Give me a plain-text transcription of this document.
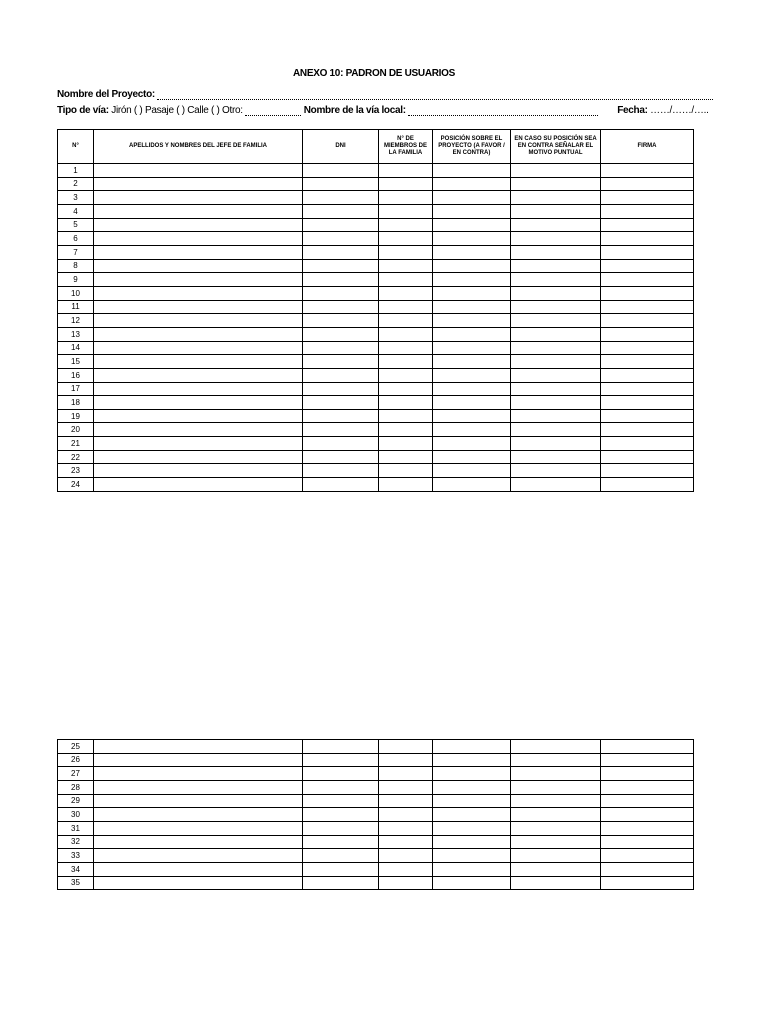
ANEXO 10: PADRON DE USUARIOS
Nombre del Proyecto:
Tipo de vía: Jirón ( ) Pasaje ( ) Calle ( ) Otro:	Nombre de la vía local:	Fecha: ……/……/…..
N°	APELLIDOS Y NOMBRES DEL JEFE DE FAMILIA	DNI	N° DE MIEMBROS DE LA FAMILIA	POSICIÓN SOBRE EL PROYECTO (A FAVOR / EN CONTRA)	EN CASO SU POSICIÓN SEA EN CONTRA SEÑALAR EL MOTIVO PUNTUAL	FIRMA
1						
2						
3						
4						
5						
6						
7						
8						
9						
10						
11						
12						
13						
14						
15						
16						
17						
18						
19						
20						
21						
22						
23						
24						
25						
26						
27						
28						
29						
30						
31						
32						
33						
34						
35						
